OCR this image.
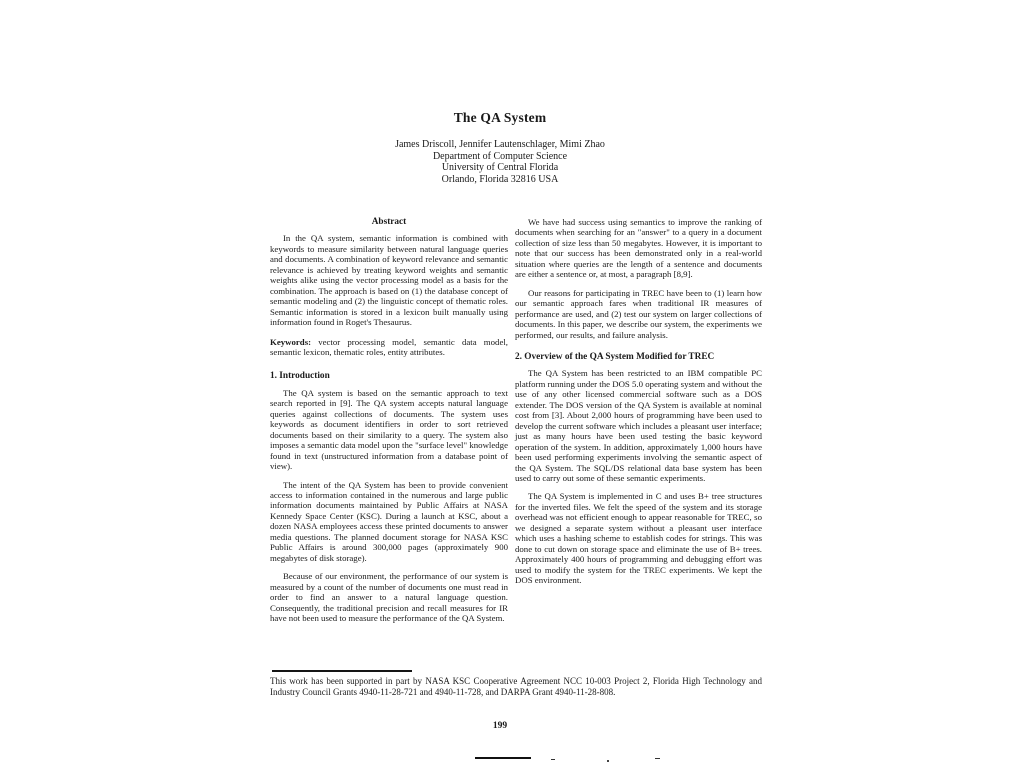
The QA System
James Driscoll, Jennifer Lautenschlager, Mimi Zhao
Department of Computer Science
University of Central Florida
Orlando, Florida 32816 USA
Abstract

In the QA system, semantic information is combined with keywords to measure similarity between natural language queries and documents. A combination of keyword relevance and semantic relevance is achieved by treating keyword weights and semantic weights alike using the vector processing model as a basis for the combination. The approach is based on (1) the database concept of semantic modeling and (2) the linguistic concept of thematic roles. Semantic information is stored in a lexicon built manually using information found in Roget's Thesaurus.

Keywords: vector processing model, semantic data model, semantic lexicon, thematic roles, entity attributes.

1. Introduction

The QA system is based on the semantic approach to text search reported in [9]. The QA system accepts natural language queries against collections of documents. The system uses keywords as document identifiers in order to sort retrieved documents based on their similarity to a query. The system also imposes a semantic data model upon the "surface level" knowledge found in text (unstructured information from a database point of view).

The intent of the QA System has been to provide convenient access to information contained in the numerous and large public information documents maintained by Public Affairs at NASA Kennedy Space Center (KSC). During a launch at KSC, about a dozen NASA employees access these printed documents to answer media questions. The planned document storage for NASA KSC Public Affairs is around 300,000 pages (approximately 900 megabytes of disk storage).

Because of our environment, the performance of our system is measured by a count of the number of documents one must read in order to find an answer to a natural language question. Consequently, the traditional precision and recall measures for IR have not been used to measure the performance of the QA System.

We have had success using semantics to improve the ranking of documents when searching for an "answer" to a query in a document collection of size less than 50 megabytes. However, it is important to note that our success has been demonstrated only in a real-world situation where queries are the length of a sentence and documents are either a sentence or, at most, a paragraph [8,9].

Our reasons for participating in TREC have been to (1) learn how our semantic approach fares when traditional IR measures of performance are used, and (2) test our system on larger collections of documents. In this paper, we describe our system, the experiments we performed, our results, and failure analysis.

2. Overview of the QA System Modified for TREC

The QA System has been restricted to an IBM compatible PC platform running under the DOS 5.0 operating system and without the use of any other licensed commercial software such as a DOS extender. The DOS version of the QA System is available at nominal cost from [3]. About 2,000 hours of programming have been used to develop the current software which includes a pleasant user interface; just as many hours have been used testing the basic keyword operation of the system. In addition, approximately 1,000 hours have been used performing experiments involving the semantic aspect of the QA System. The SQL/DS relational data base system has been used to carry out some of these semantic experiments.

The QA System is implemented in C and uses B+ tree structures for the inverted files. We felt the speed of the system and its storage overhead was not efficient enough to appear reasonable for TREC, so we designed a separate system without a pleasant user interface which uses a hashing scheme to establish codes for strings. This was done to cut down on storage space and eliminate the use of B+ trees. Approximately 400 hours of programming and debugging effort was used to modify the system for the TREC experiments. We kept the DOS environment.

This work has been supported in part by NASA KSC Cooperative Agreement NCC 10-003 Project 2, Florida High Technology and Industry Council Grants 4940-11-28-721 and 4940-11-728, and DARPA Grant 4940-11-28-808.
199
